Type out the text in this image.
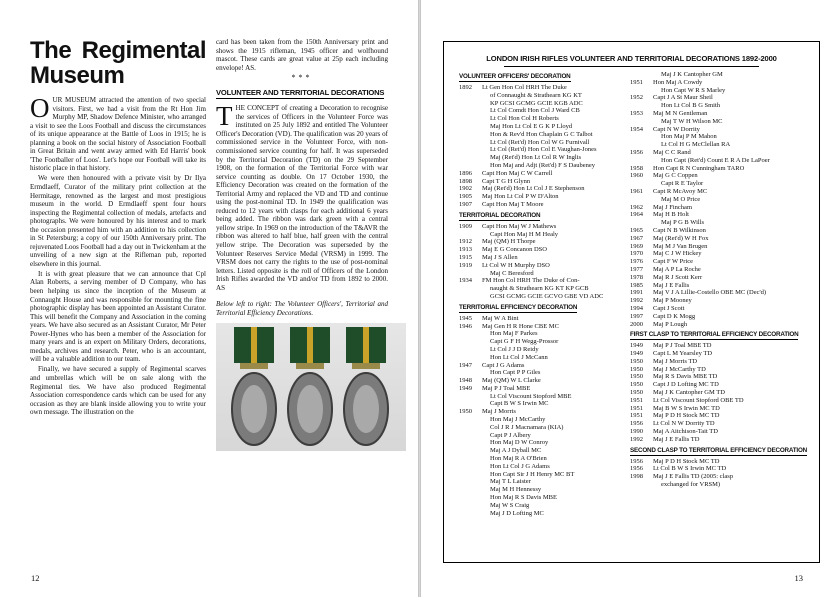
The Regimental Museum

OUR MUSEUM attracted the attention of two special visitors. First, we had a visit from the Rt Hon Jim Murphy MP, Shadow Defence Minister, who arranged a visit to see the Loos Football and discuss the circumstances of its unique appearance at the Battle of Loos in 1915; he is planning a book on the social history of Association Football in Great Britain and went away armed with Ed Harris' book 'The Footballer of Loos'. Let's hope our Football will take its historic place in that history.

We were then honoured with a private visit by Dr Ilya Ermdlaeff, Curator of the military print collection at the Hermitage, renowned as the largest and most prestigious museum in the world. D Ermdlaeff spent four hours inspecting the Regimental collection of medals, artefacts and photographs. We were honoured by his interest and to mark the occasion presented him with an addition to his collection in St Petersburg; a copy of our 150th Anniversary print. The rejuvenated Loos Football had a day out in Twickenham at the unveiling of a new sign at the Rifleman pub, reported elsewhere in this journal.

It is with great pleasure that we can announce that Cpl Alan Roberts, a serving member of D Company, who has been helping us since the inception of the Museum at Connaught House and was responsible for mounting the fine photographic display has been appointed an Assistant Curator. This will benefit the Company and Association in the coming years. We have also secured as an Assistant Curator, Mr Peter Power-Hynes who has been a member of the Association for many years and is an expert on Military Orders, decorations, medals, archives and research. Peter, who is an accountant, will be a valuable addition to our team.

Finally, we have secured a supply of Regimental scarves and umbrellas which will be on sale along with the Regimental ties. We have also produced Regimental Association correspondence cards which can be used for any occasion as they are blank inside allowing you to write your own message. The illustration on the

card has been taken from the 150th Anniversary print and shows the 1915 rifleman, 1945 officer and wolfhound mascot. These cards are great value at 25p each including envelope! AS.

***
VOLUNTEER AND TERRITORIAL DECORATIONS

THE CONCEPT of creating a Decoration to recognise the services of Officers in the Volunteer Force was instituted on 25 July 1892 and entitled The Volunteer Officer's Decoration (VD). The qualification was 20 years of commissioned service in the Volunteer Force, with non-commissioned service counting for half. It was superseded by the Territorial Decoration (TD) on the 29 September 1908, on the formation of the Territorial Force with war service counting as double. On 17 October 1930, the Efficiency Decoration was created on the formation of the Territorial Army and replaced the VD and TD and continue using the post-nominal TD. In 1949 the qualification was reduced to 12 years with clasps for each additional 6 years being added. The ribbon was dark green with a central yellow stripe. In 1969 on the introduction of the T&AVR the ribbon was altered to half blue, half green with the central yellow stripe. The Decoration was superseded by the Volunteer Reserves Service Medal (VRSM) in 1999. The VRSM does not carry the rights to the use of post-nominal letters. Listed opposite is the roll of Officers of the London Irish Rifles awarded the VD and/or TD from 1892 to 2000. AS

Below left to right: The Volunteer Officers', Territorial and Territorial Efficiency Decorations.
12
LONDON IRISH RIFLES VOLUNTEER AND TERRITORIAL DECORATIONS 1892-2000
VOLUNTEER OFFICERS' DECORATION
1892	Lt Gen Hon Col HRH The Duke
of Connaught & Strathearn KG KT
KP GCSI GCMG GCIE KGB ADC
Lt Col Comdt Hon Col J Ward CB
Lt Col Hon Col H Roberts
Maj Hon Lt Col E G K P Lloyd
Hon & Rev'd Hon Chaplain G C Talbot
Lt Col (Ret'd) Hon Col W G Furnivall
Lt Col (Ret'd) Hon Col E Vaughan-Jones
Maj (Ret'd) Hon Lt Col R W Inglis
Hon Maj and Adjt (Ret'd) F S Daubeney
1896	Capt Hon Maj C W Carrell
1898	Capt T G H Glynn
1902	Maj (Ret'd) Hon Lt Col J E Stephenson
1905	Maj Hon Lt Col P W D'Alton
1907	Capt Hon Maj T Moore
TERRITORIAL DECORATION
1909	Capt Hon Maj W J Mathews
Capt Hon Maj H M Healy
1912	Maj (QM) H Thorpe
1913	Maj E G Concanon DSO
1915	Maj J S Allen
1919	Lt Col W H Murphy DSO
Maj C Beresford
1934	FM Hon Col HRH The Duke of Con-
naught & Strathearn KG KT KP GCB
GCSI GCMG GCIE GCVO GBE VD ADC
TERRITORIAL EFFICIENCY DECORATION
1945	Maj W A Bint
1946	Maj Gen H R Hone CBE MC
Hon Maj F Parkes
Capt G F H Wegg-Prossor
Lt Col J J D Reidy
Hon Lt Col J McCann
1947	Capt J G Adams
Hon Capt P P Giles
1948	Maj (QM) W L Clarke
1949	Maj P J Toal MBE
Lt Col Viscount Stopford MBE
Capt B W S Irwin MC
1950	Maj J Morris
Hon Maj J McCarthy
Col J R J Macnamara (KIA)
Capt P J Albery
Hon Maj D W Conroy
Maj A J Dyball MC
Hon Maj R A O'Brien
Hon Lt Col J G Adams
Hon Capt Sir J H Henry MC BT
Maj T L Laister
Maj M H Hennessy
Hon Maj R S Davis MBE
Maj W S Craig
Maj J D Lofting MC
Maj J K Cantopher GM
1951	Hon Maj A Cowdy
Hon Capt W R S Marley
1952	Capt J A St Maur Sheil
Hon Lt Col B G Smith
1953	Maj M N Gentleman
Maj T W H Wilson MC
1954	Capt N W Dorrity
Hon Maj P M Mahon
Lt Col H G McClellan RA
1956	Maj C C Rand
Hon Capt (Ret'd) Count E R A De LaPoer
1958	Hon Capt R N Cunningham TARO
1960	Maj G C Coppen
Capt R E Taylor
1961	Capt R McAvoy MC
Maj M O Price
1962	Maj J Fincham
1964	Maj H B Holt
Maj P G B Wills
1965	Capt N B Wilkinson
1967	Maj (Ret'd) W H Fox
1969	Maj M J Van Brugen
1970	Maj C J W Hickey
1976	Capt F W Price
1977	Maj A P La Roche
1978	Maj R J Scott Kerr
1985	Maj J E Fallis
1991	Maj V J A Lillie-Costello OBE MC (Dec'd)
1992	Maj P Mooney
1994	Capt J Scott
1997	Capt D K Mogg
2000	Maj P Lough
FIRST CLASP TO TERRITORIAL EFFICIENCY DECORATION
1949	Maj P J Toal MBE TD
1949	Capt L M Yearsley TD
1950	Maj J Morris TD
1950	Maj J McCarthy TD
1950	Maj R S Davis MBE TD
1950	Capt J D Lofting MC TD
1950	Maj J K Cantopher GM TD
1951	Lt Col Viscount Stopford OBE TD
1951	Maj B W S Irwin MC TD
1951	Maj P D H Stock MC TD
1956	Lt Col N W Dorrity TD
1990	Maj A Aitchison-Tait TD
1992	Maj J E Fallis TD
SECOND CLASP TO TERRITORIAL EFFICIENCY DECORATION
1956	Maj P D H Stock MC TD
1956	Lt Col B W S Irwin MC TD
1998	Maj J E Fallis TD (2005: clasp
exchanged for VRSM)
13
